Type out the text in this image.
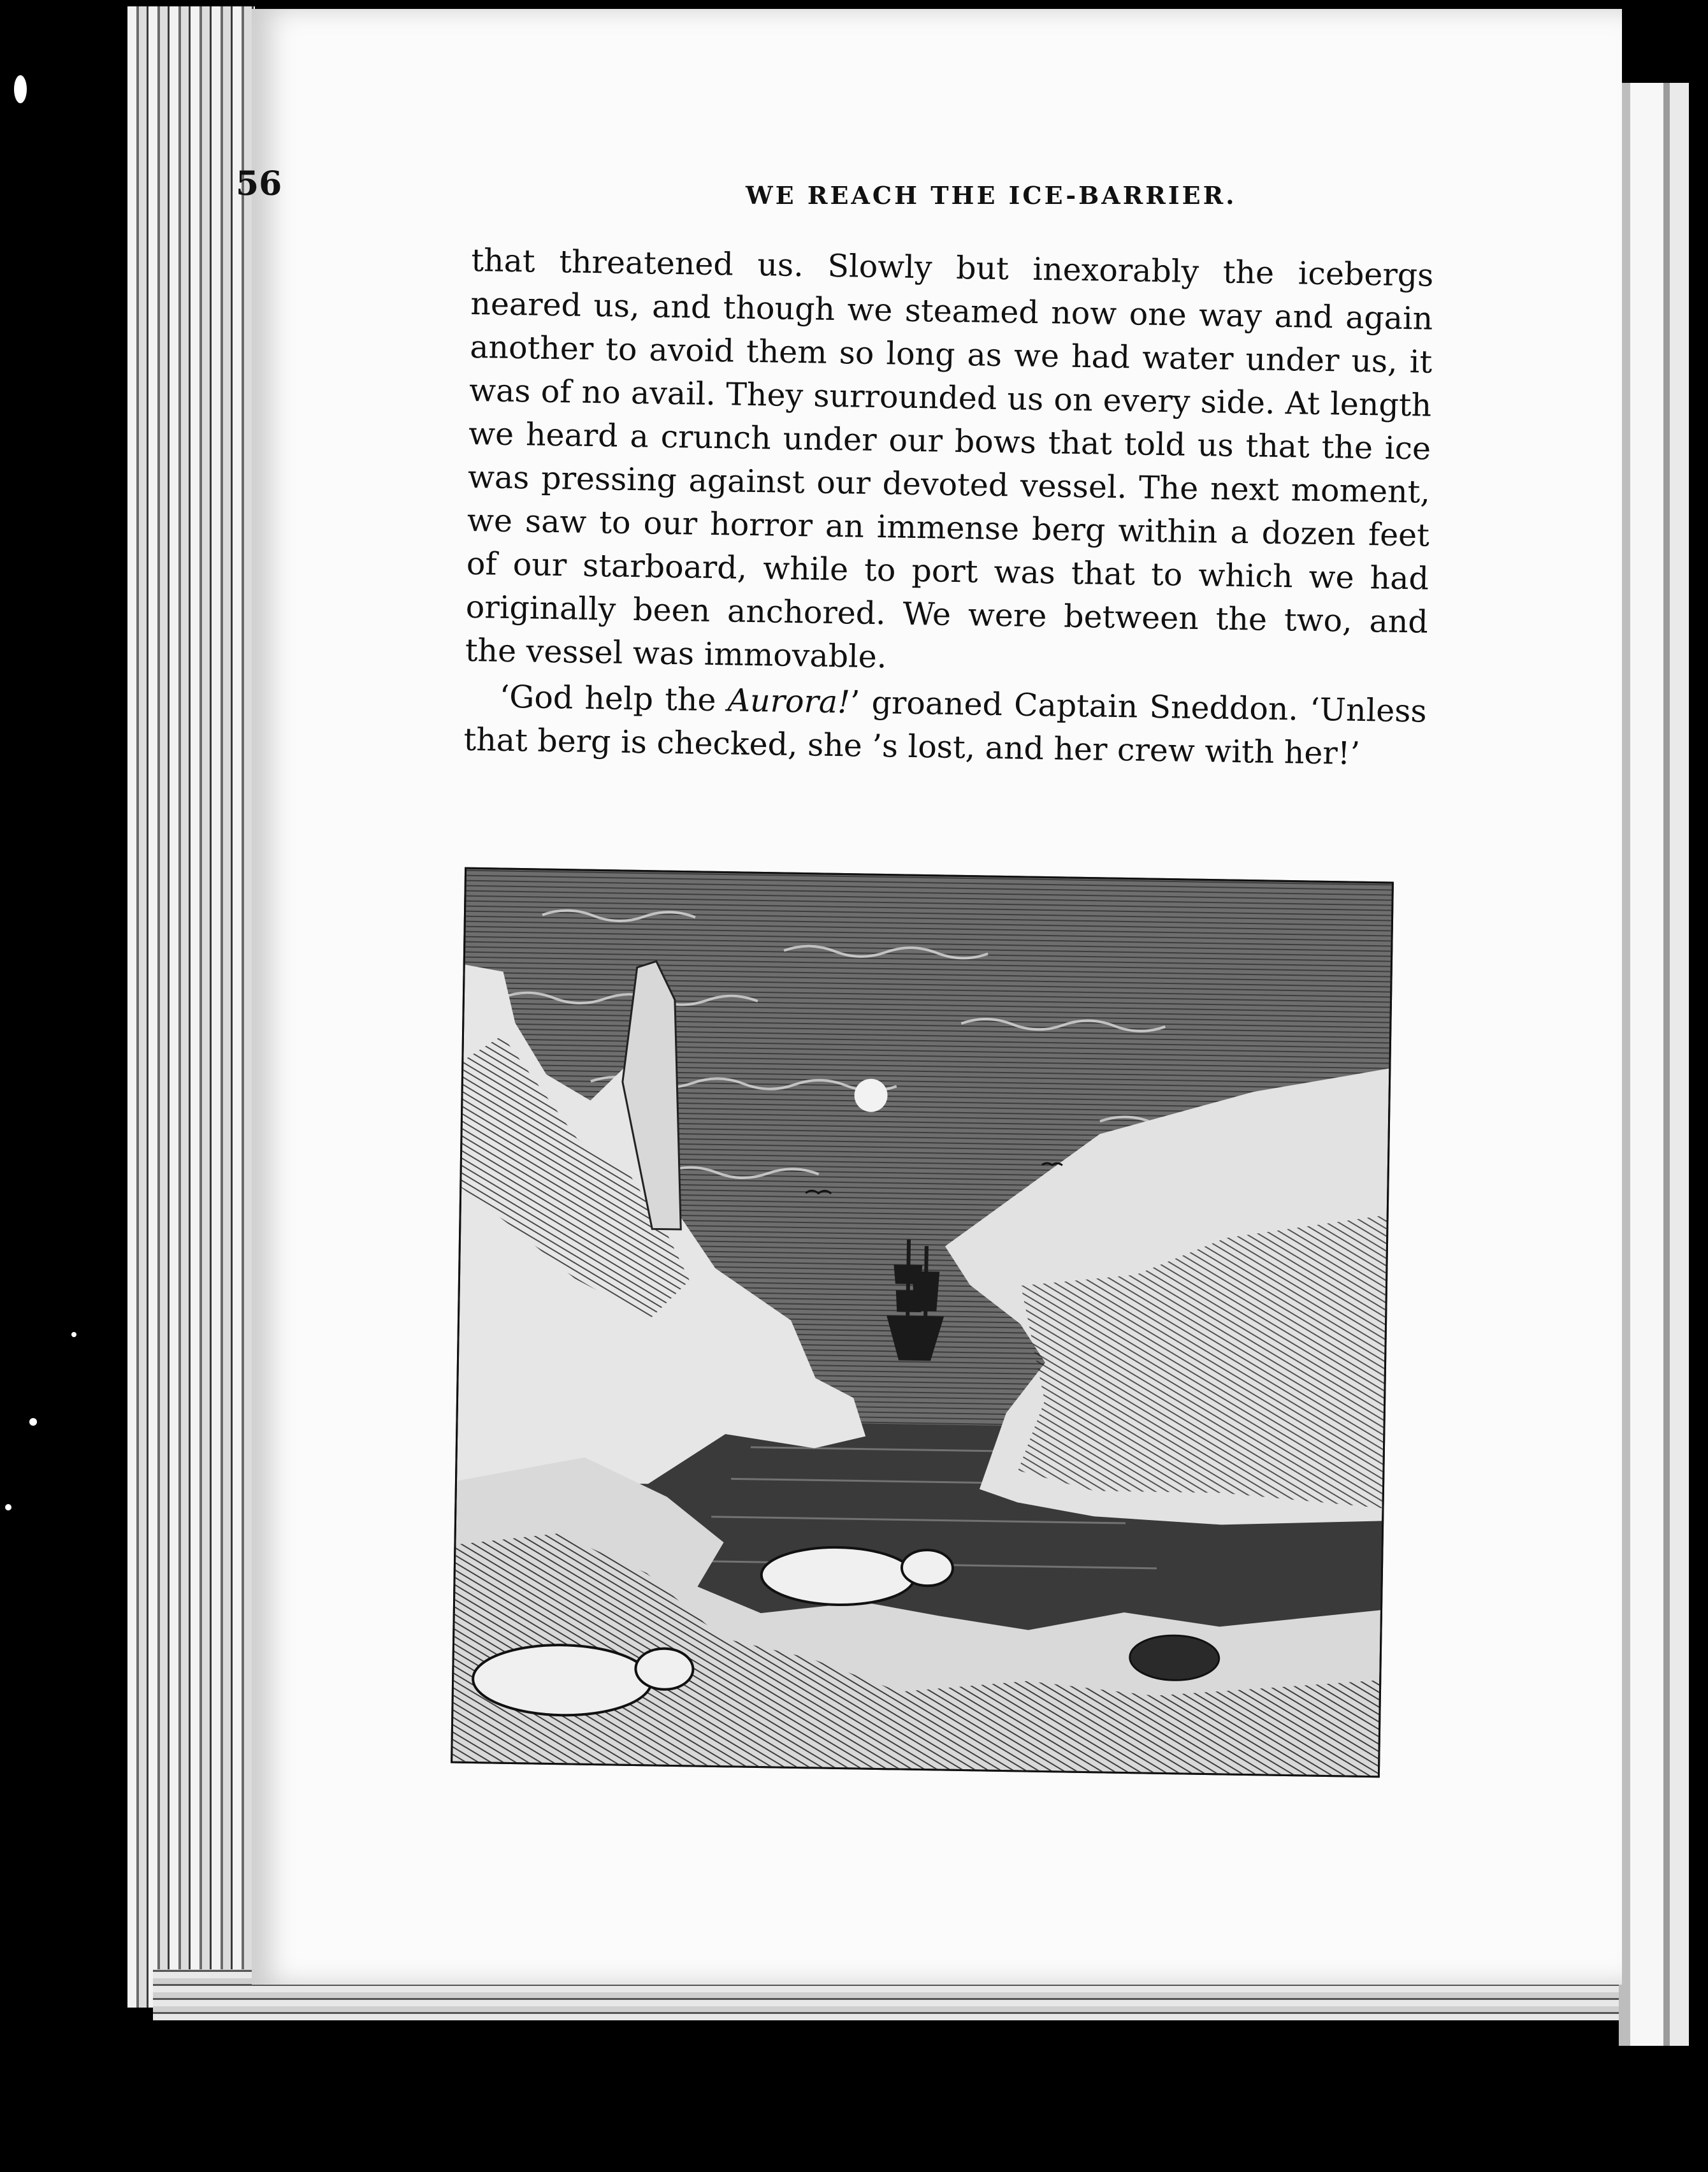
56	WE REACH THE ICE-BARRIER.

that threatened us. Slowly but inexorably the icebergs neared us, and though we steamed now one way and again another to avoid them so long as we had water under us, it was of no avail. They surrounded us on every side. At length we heard a crunch under our bows that told us that the ice was pressing against our devoted vessel. The next moment, we saw to our horror an immense berg within a dozen feet of our starboard, while to port was that to which we had originally been anchored. We were between the two, and the vessel was immovable.

‘God help the Aurora!’ groaned Captain Sneddon. ‘Unless that berg is checked, she ’s lost, and her crew with her!’
